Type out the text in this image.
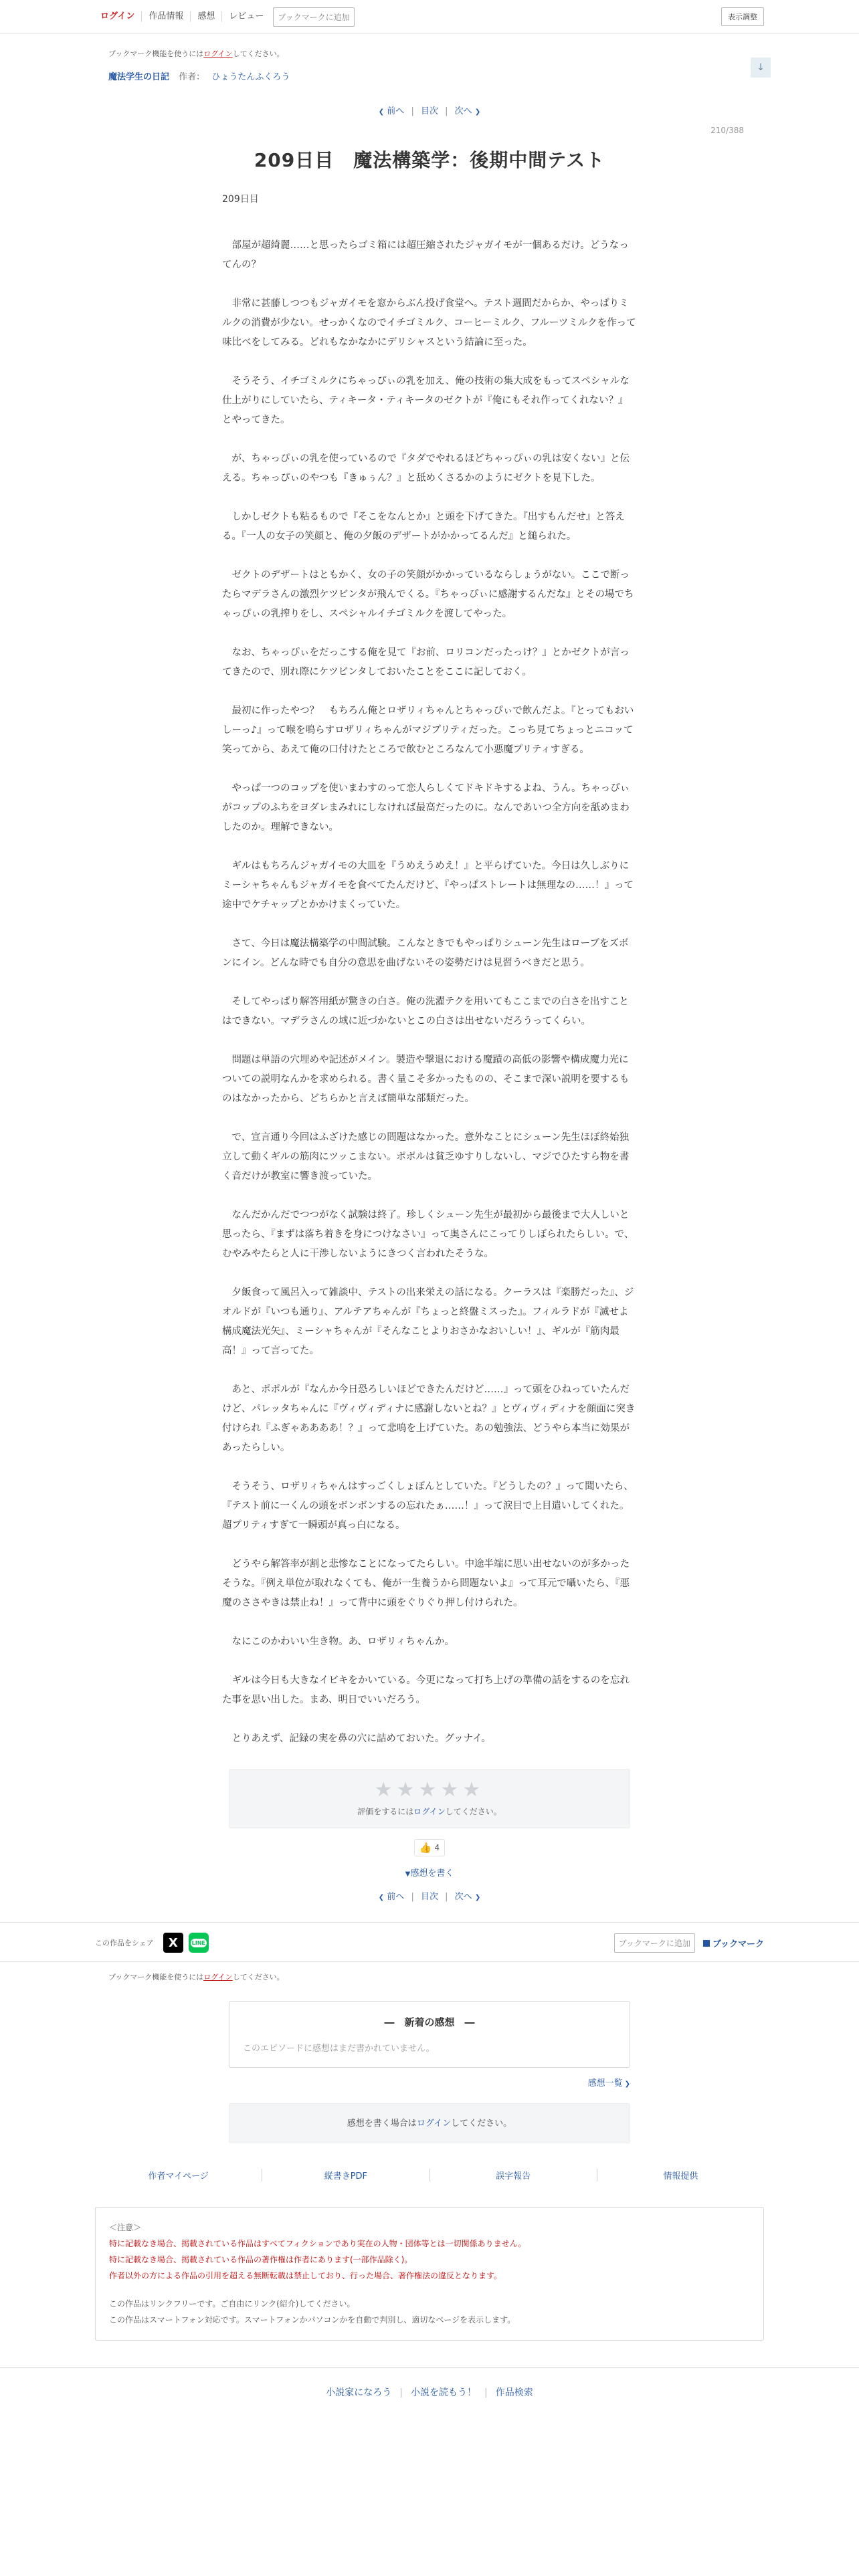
ログイン	作品情報	感想	レビュー	ブックマークに追加	表示調整
ブックマーク機能を使うにはログインしてください。
↓
魔法学生の日記 作者： ひょうたんふくろう
❮ 前へ | 目次 | 次へ ❯
210/388
209日目　魔法構築学：後期中間テスト
209日目

　部屋が超綺麗……と思ったらゴミ箱には超圧縮されたジャガイモが一個あるだけ。どうなってんの？

　非常に甚藤しつつもジャガイモを窓からぶん投げ食堂へ。テスト週間だからか、やっぱりミルクの消費が少ない。せっかくなのでイチゴミルク、コーヒーミルク、フルーツミルクを作って味比べをしてみる。どれもなかなかにデリシャスという結論に至った。

　そうそう、イチゴミルクにちゃっぴぃの乳を加え、俺の技術の集大成をもってスペシャルな仕上がりにしていたら、ティキータ・ティキータのゼクトが『俺にもそれ作ってくれない？』とやってきた。

　が、ちゃっぴぃの乳を使っているので『タダでやれるほどちゃっぴぃの乳は安くない』と伝える。ちゃっぴぃのやつも『きゅぅん？』と舐めくさるかのようにゼクトを見下した。

　しかしゼクトも粘るもので『そこをなんとか』と頭を下げてきた。『出すもんだせ』と答える。『一人の女子の笑顔と、俺の夕飯のデザートがかかってるんだ』と縋られた。

　ゼクトのデザートはともかく、女の子の笑顔がかかっているならしょうがない。ここで断ったらマデラさんの激烈ケツビンタが飛んでくる。『ちゃっぴぃに感謝するんだな』とその場でちゃっぴぃの乳搾りをし、スペシャルイチゴミルクを渡してやった。

　なお、ちゃっぴぃをだっこする俺を見て『お前、ロリコンだったっけ？』とかゼクトが言ってきたので、別れ際にケツビンタしておいたことをここに記しておく。

　最初に作ったやつ？　もちろん俺とロザリィちゃんとちゃっぴぃで飲んだよ。『とってもおいしーっ♪』って喉を鳴らすロザリィちゃんがマジプリティだった。こっち見てちょっとニコッて笑ってから、あえて俺の口付けたところで飲むところなんて小悪魔プリティすぎる。

　やっぱ一つのコップを使いまわすのって恋人らしくてドキドキするよね、うん。ちゃっぴぃがコップのふちをヨダレまみれにしなければ最高だったのに。なんであいつ全方向を舐めまわしたのか。理解できない。

　ギルはもちろんジャガイモの大皿を『うめえうめえ！』と平らげていた。今日は久しぶりにミーシャちゃんもジャガイモを食べてたんだけど、『やっぱストレートは無理なの……！』って途中でケチャップとかかけまくっていた。

　さて、今日は魔法構築学の中間試験。こんなときでもやっぱりシューン先生はローブをズボンにイン。どんな時でも自分の意思を曲げないその姿勢だけは見習うべきだと思う。

　そしてやっぱり解答用紙が驚きの白さ。俺の洗濯テクを用いてもここまでの白さを出すことはできない。マデラさんの域に近づかないとこの白さは出せないだろうってくらい。

　問題は単語の穴埋めや記述がメイン。製造や撃退における魔蹟の高低の影響や構成魔力光についての説明なんかを求められる。書く量こそ多かったものの、そこまで深い説明を要するものはなかったから、どちらかと言えば簡単な部類だった。

　で、宣言通り今回はふざけた感じの問題はなかった。意外なことにシューン先生ほぼ終始独立して動くギルの筋肉にツッこまない。ポポルは貧乏ゆすりしないし、マジでひたすら物を書く音だけが教室に響き渡っていた。

　なんだかんだでつつがなく試験は終了。珍しくシューン先生が最初から最後まで大人しいと思ったら、『まずは落ち着きを身につけなさい』って奥さんにこってりしぼられたらしい。で、むやみやたらと人に干渉しないようにきつく言われたそうな。

　夕飯食って風呂入って雑談中、テストの出来栄えの話になる。クーラスは『楽勝だった』、ジオルドが『いつも通り』、アルテアちゃんが『ちょっと終盤ミスった』。フィルラドが『滅せよ構成魔法光矢』、ミーシャちゃんが『そんなことよりおさかなおいしい！』、ギルが『筋肉最高！』って言ってた。

　あと、ポポルが『なんか今日恐ろしいほどできたんだけど……』って頭をひねっていたんだけど、パレッタちゃんに『ヴィヴィディナに感謝しないとね？』とヴィヴィディナを顔面に突き付けられ『ふぎゃああああ！？』って悲鳴を上げていた。あの勉強法、どうやら本当に効果があったらしい。

　そうそう、ロザリィちゃんはすっごくしょぼんとしていた。『どうしたの？』って聞いたら、『テスト前に一くんの頭をボンボンするの忘れたぁ……！』って涙目で上目遣いしてくれた。超プリティすぎて一瞬頭が真っ白になる。

　どうやら解答率が割と悲惨なことになってたらしい。中途半端に思い出せないのが多かったそうな。『例え単位が取れなくても、俺が一生養うから問題ないよ』って耳元で囁いたら、『悪魔のささやきは禁止ね！』って背中に頭をぐりぐり押し付けられた。

　なにこのかわいい生き物。あ、ロザリィちゃんか。

　ギルは今日も大きなイビキをかいている。今更になって打ち上げの準備の話をするのを忘れた事を思い出した。まあ、明日でいいだろう。

　とりあえず、記録の実を鼻の穴に詰めておいた。グッナイ。

★★★★★
評価をするにはログインしてください。
👍 4
▼感想を書く
❮ 前へ | 目次 | 次へ ❯
この作品をシェア	X	LINE	ブックマークに追加	ブックマーク
ブックマーク機能を使うにはログインしてください。
―　新着の感想　―
このエピソードに感想はまだ書かれていません。
感想一覧 ❯
感想を書く場合はログインしてください。
作者マイページ	縦書きPDF	誤字報告	情報提供
＜注意＞
特に記載なき場合、掲載されている作品はすべてフィクションであり実在の人物・団体等とは一切関係ありません。
特に記載なき場合、掲載されている作品の著作権は作者にあります(一部作品除く)。
作者以外の方による作品の引用を超える無断転載は禁止しており、行った場合、著作権法の違反となります。
この作品はリンクフリーです。ご自由にリンク(紹介)してください。
この作品はスマートフォン対応です。スマートフォンかパソコンかを自動で判別し、適切なページを表示します。
小説家になろう | 小説を読もう！ | 作品検索
